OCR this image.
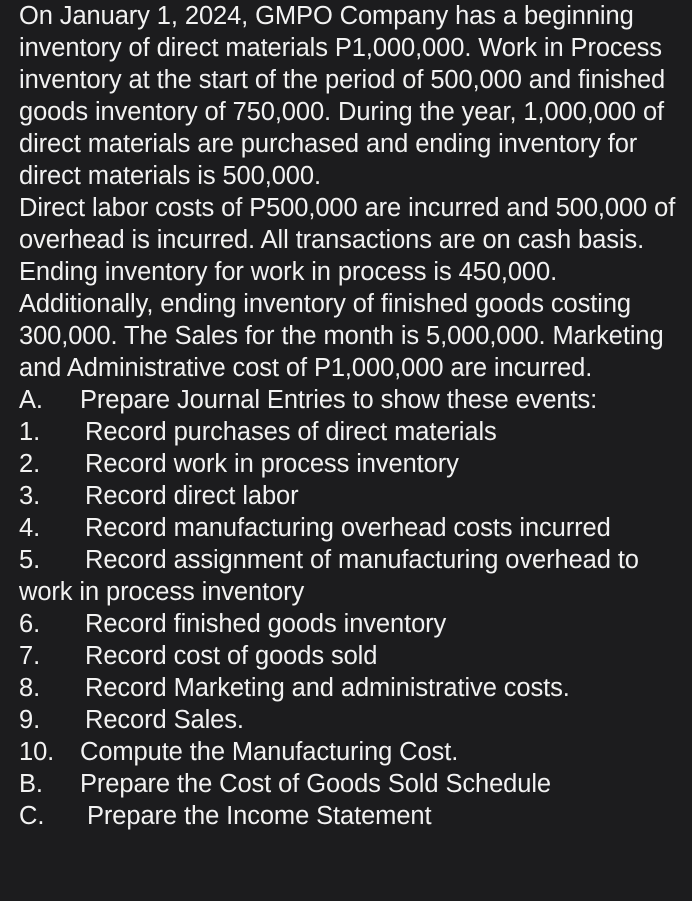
On January 1, 2024, GMPO Company has a beginning inventory of direct materials P1,000,000. Work in Process inventory at the start of the period of 500,000 and finished goods inventory of 750,000. During the year, 1,000,000 of direct materials are purchased and ending inventory for direct materials is 500,000.

Direct labor costs of P500,000 are incurred and 500,000 of overhead is incurred. All transactions are on cash basis. Ending inventory for work in process is 450,000. Additionally, ending inventory of finished goods costing 300,000. The Sales for the month is 5,000,000. Marketing and Administrative cost of P1,000,000 are incurred.

A.	Prepare Journal Entries to show these events:
1.	Record purchases of direct materials
2.	Record work in process inventory
3.	Record direct labor
4.	Record manufacturing overhead costs incurred

5. Record assignment of manufacturing overhead to work in process inventory

6.	Record finished goods inventory
7.	Record cost of goods sold
8.	Record Marketing and administrative costs.
9.	Record Sales.
10.	Compute the Manufacturing Cost.
B.	Prepare the Cost of Goods Sold Schedule
C.	Prepare the Income Statement
